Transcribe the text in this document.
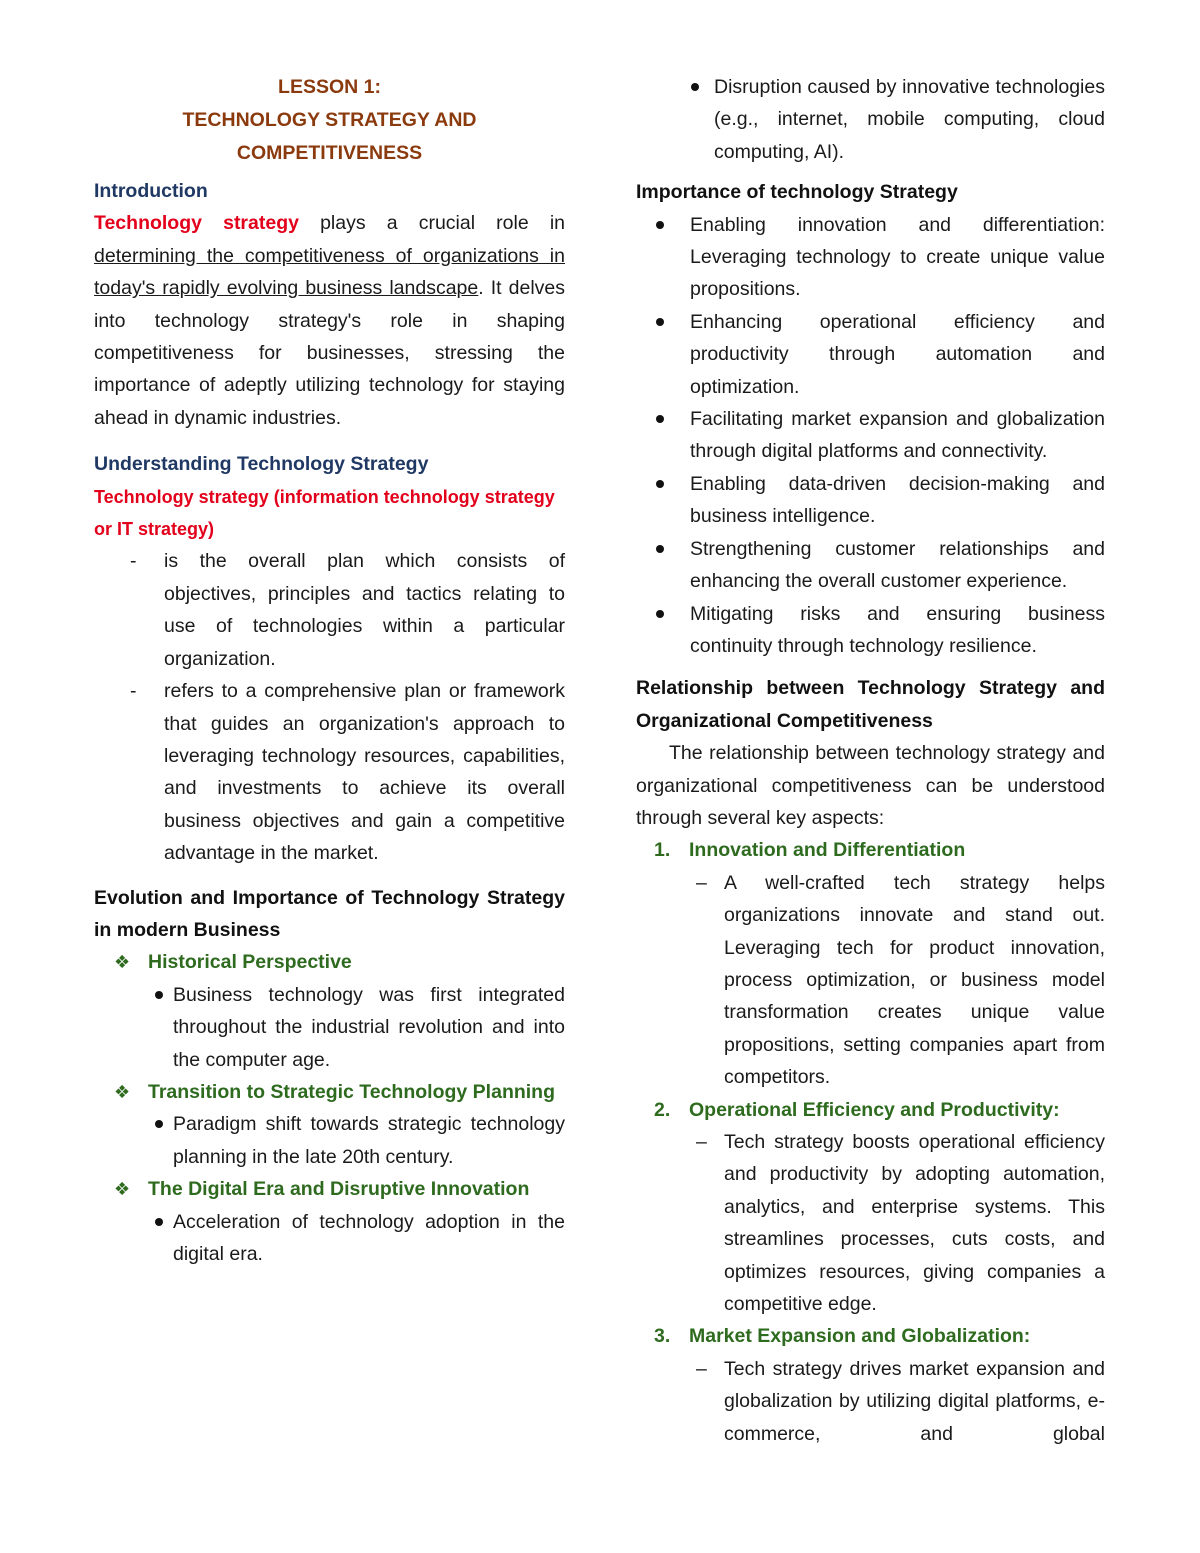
LESSON 1:
TECHNOLOGY STRATEGY AND
COMPETITIVENESS
Introduction

Technology strategy plays a crucial role in determining the competitiveness of organizations in today's rapidly evolving business landscape. It delves into technology strategy's role in shaping competitiveness for businesses, stressing the importance of adeptly utilizing technology for staying ahead in dynamic industries.

Understanding Technology Strategy
Technology strategy (information technology strategy or IT strategy)
- is the overall plan which consists of objectives, principles and tactics relating to use of technologies within a particular organization.
- refers to a comprehensive plan or framework that guides an organization's approach to leveraging technology resources, capabilities, and investments to achieve its overall business objectives and gain a competitive advantage in the market.
Evolution and Importance of Technology Strategy in modern Business
❖ Historical Perspective
Business technology was first integrated throughout the industrial revolution and into the computer age.
❖ Transition to Strategic Technology Planning
Paradigm shift towards strategic technology planning in the late 20th century.
❖ The Digital Era and Disruptive Innovation
Acceleration of technology adoption in the digital era.
Disruption caused by innovative technologies (e.g., internet, mobile computing, cloud computing, AI).
Importance of technology Strategy
Enabling innovation and differentiation: Leveraging technology to create unique value propositions.
Enhancing operational efficiency and productivity through automation and optimization.
Facilitating market expansion and globalization through digital platforms and connectivity.
Enabling data-driven decision-making and business intelligence.
Strengthening customer relationships and enhancing the overall customer experience.
Mitigating risks and ensuring business continuity through technology resilience.
Relationship between Technology Strategy and Organizational Competitiveness

The relationship between technology strategy and organizational competitiveness can be understood through several key aspects:

1. Innovation and Differentiation
– A well-crafted tech strategy helps organizations innovate and stand out. Leveraging tech for product innovation, process optimization, or business model transformation creates unique value propositions, setting companies apart from competitors.
2. Operational Efficiency and Productivity:
– Tech strategy boosts operational efficiency and productivity by adopting automation, analytics, and enterprise systems. This streamlines processes, cuts costs, and optimizes resources, giving companies a competitive edge.
3. Market Expansion and Globalization:
– Tech strategy drives market expansion and globalization by utilizing digital platforms, e-commerce, and global
